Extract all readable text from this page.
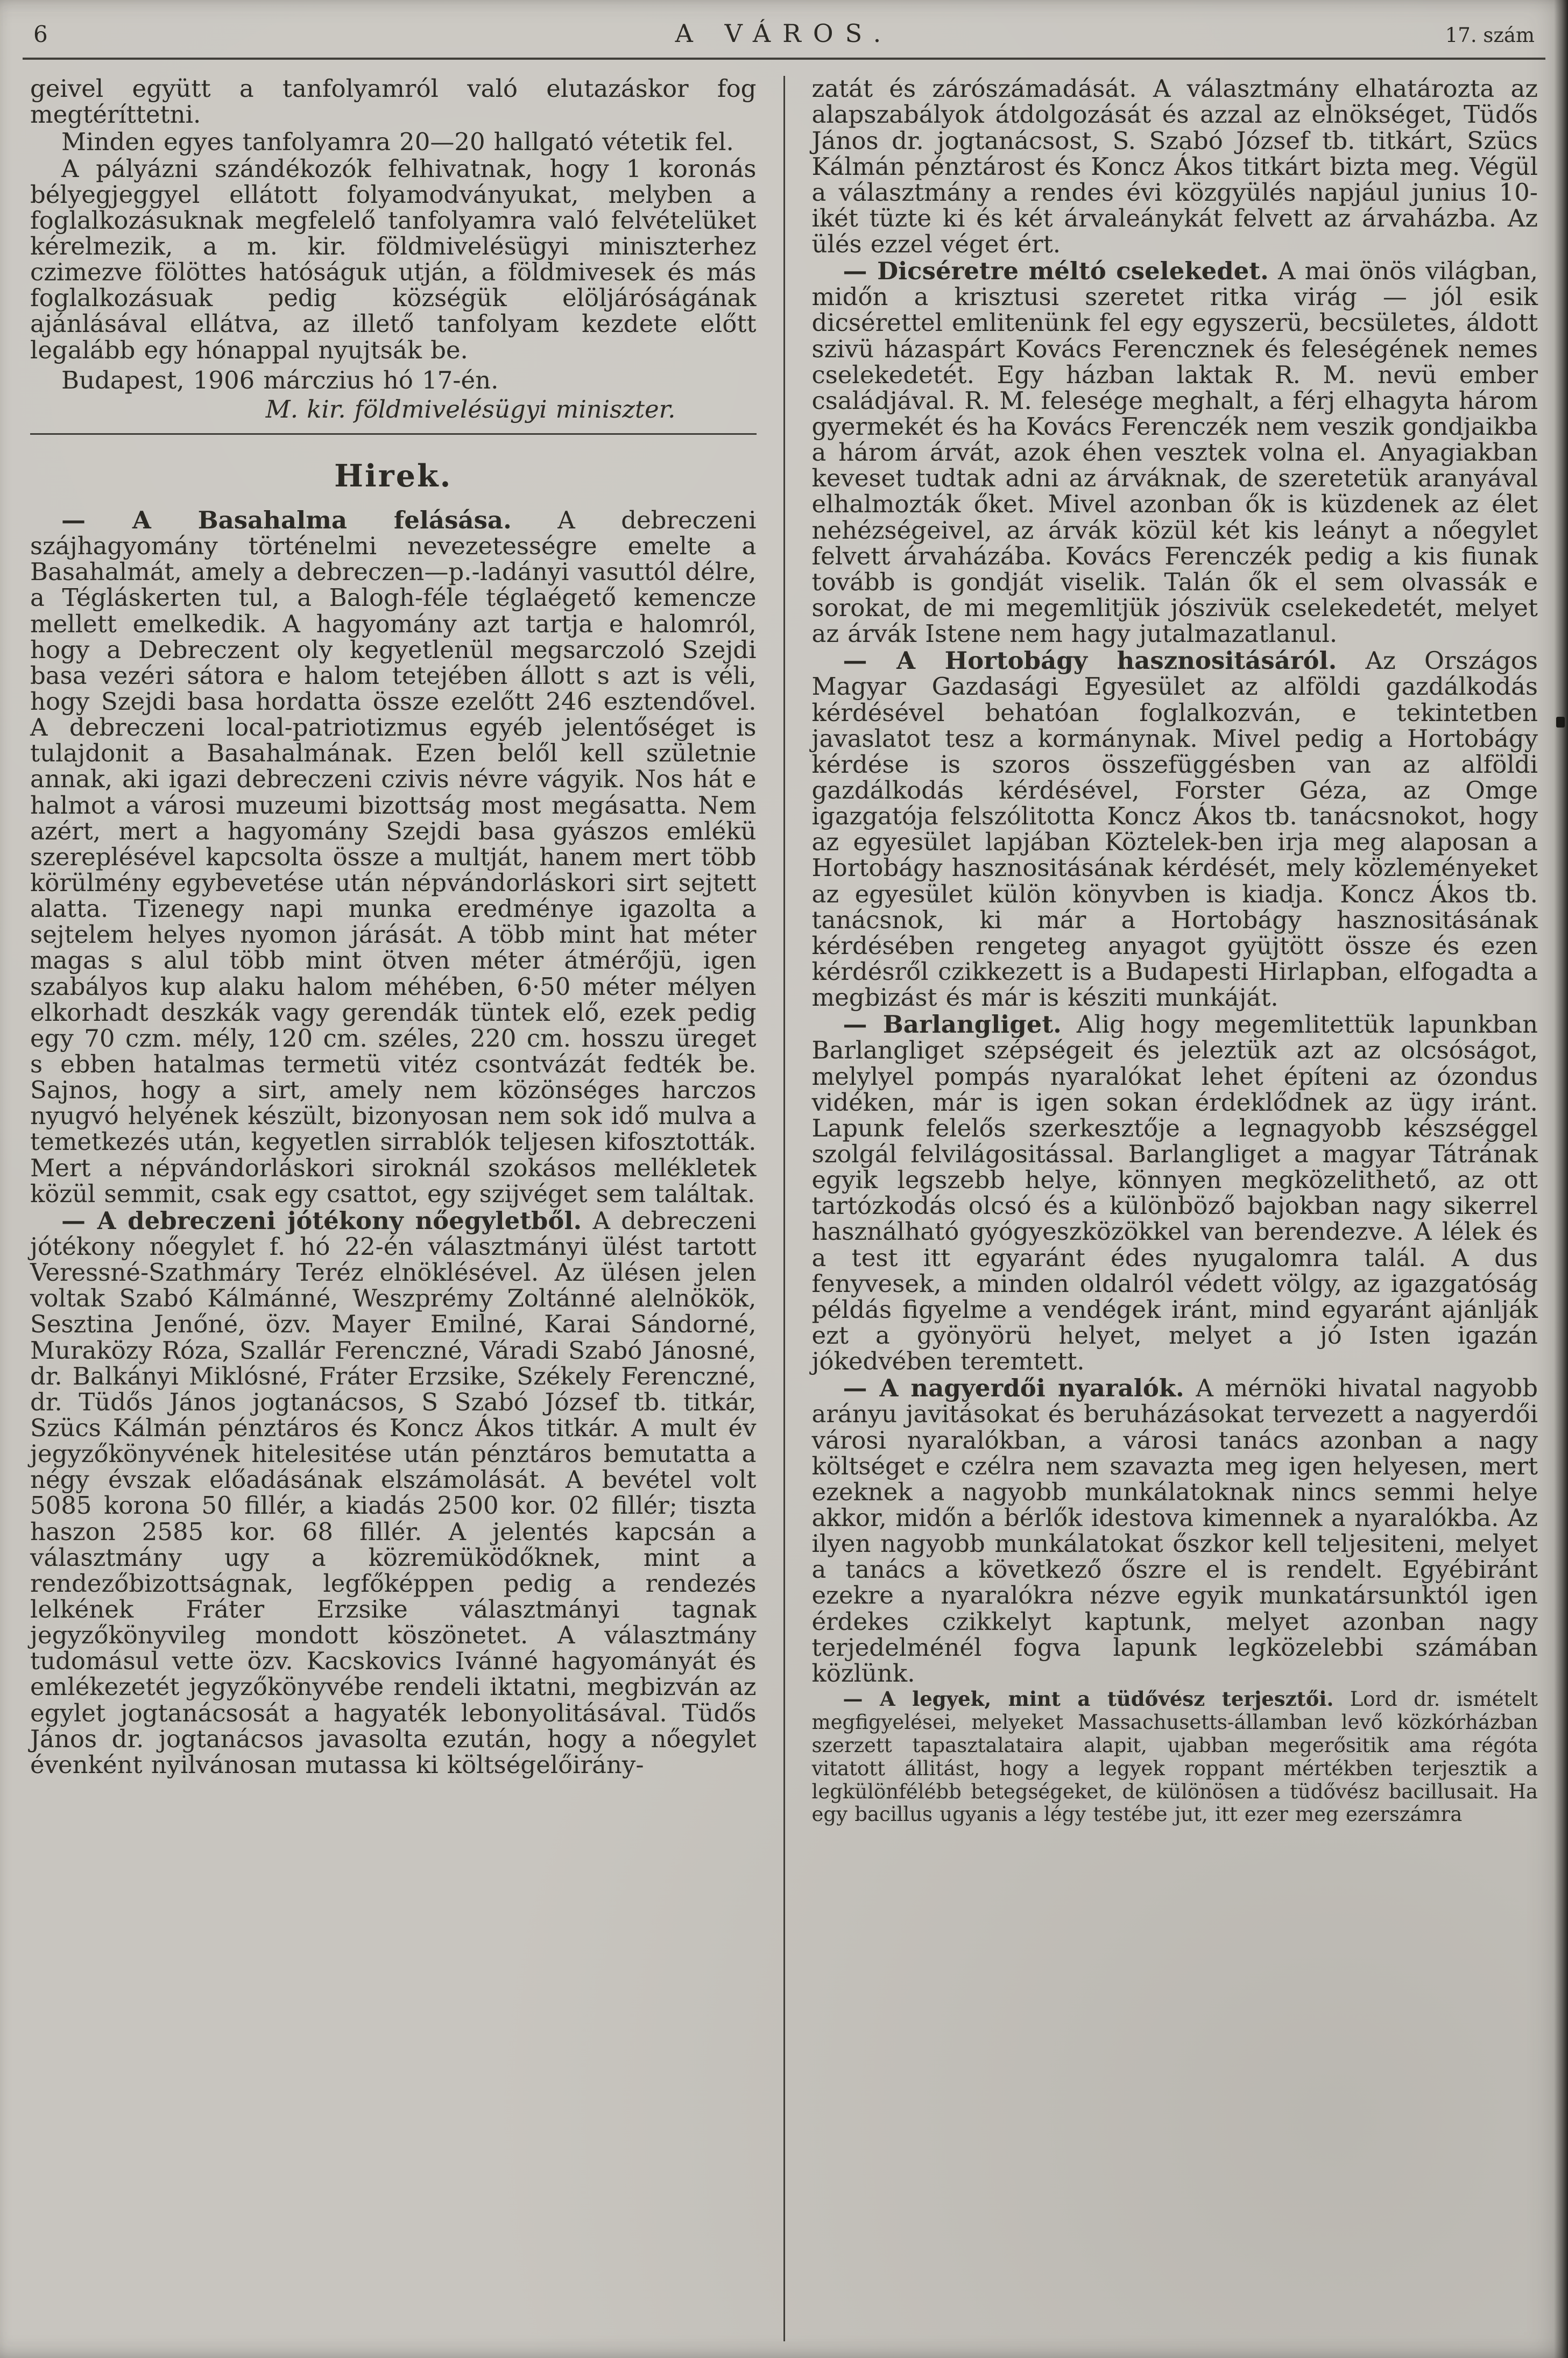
6	A VÁROS.	17. szám

geivel együtt a tanfolyamról való elutazáskor fog megtéríttetni.

Minden egyes tanfolyamra 20—20 hallgató vétetik fel.

A pályázni szándékozók felhivatnak, hogy 1 koronás bélyegjeggyel ellátott folyamodványukat, melyben a foglalkozásuknak megfelelő tanfolyamra való felvételüket kérelmezik, a m. kir. földmivelésügyi miniszterhez czimezve fölöttes hatóságuk utján, a földmivesek és más foglalkozásuak pedig községük elöljáróságának ajánlásával ellátva, az illető tanfolyam kezdete előtt legalább egy hónappal nyujtsák be.

Budapest, 1906 márczius hó 17-én.

M. kir. földmivelésügyi miniszter.

Hirek.

— A Basahalma felásása. A debreczeni szájhagyomány történelmi nevezetességre emelte a Basahalmát, amely a debreczen—p.-ladányi vasuttól délre, a Tégláskerten tul, a Balogh-féle téglaégető kemencze mellett emelkedik. A hagyomány azt tartja e halomról, hogy a Debreczent oly kegyetlenül megsarczoló Szejdi basa vezéri sátora e halom tetejében állott s azt is véli, hogy Szejdi basa hordatta össze ezelőtt 246 esztendővel. A debreczeni local-patriotizmus egyéb jelentőséget is tulajdonit a Basahalmának. Ezen belől kell születnie annak, aki igazi debreczeni czivis névre vágyik. Nos hát e halmot a városi muzeumi bizottság most megásatta. Nem azért, mert a hagyomány Szejdi basa gyászos emlékü szereplésével kapcsolta össze a multját, hanem mert több körülmény egybevetése után népvándorláskori sirt sejtett alatta. Tizenegy napi munka eredménye igazolta a sejtelem helyes nyomon járását. A több mint hat méter magas s alul több mint ötven méter átmérőjü, igen szabályos kup alaku halom méhében, 6·50 méter mélyen elkorhadt deszkák vagy gerendák tüntek elő, ezek pedig egy 70 czm. mély, 120 cm. széles, 220 cm. hosszu üreget s ebben hatalmas termetü vitéz csontvázát fedték be. Sajnos, hogy a sirt, amely nem közönséges harczos nyugvó helyének készült, bizonyosan nem sok idő mulva a temetkezés után, kegyetlen sirrablók teljesen kifosztották. Mert a népvándorláskori siroknál szokásos mellékletek közül semmit, csak egy csattot, egy szijvéget sem találtak.

— A debreczeni jótékony nőegyletből. A debreczeni jótékony nőegylet f. hó 22-én választmányi ülést tartott Veressné-Szathmáry Teréz elnöklésével. Az ülésen jelen voltak Szabó Kálmánné, Weszprémy Zoltánné alelnökök, Sesztina Jenőné, özv. Mayer Emilné, Karai Sándorné, Muraközy Róza, Szallár Ferenczné, Váradi Szabó Jánosné, dr. Balkányi Miklósné, Fráter Erzsike, Székely Ferenczné, dr. Tüdős János jogtanácsos, S Szabó József tb. titkár, Szücs Kálmán pénztáros és Koncz Ákos titkár. A mult év jegyzőkönyvének hitelesitése után pénztáros bemutatta a négy évszak előadásának elszámolását. A bevétel volt 5085 korona 50 fillér, a kiadás 2500 kor. 02 fillér; tiszta haszon 2585 kor. 68 fillér. A jelentés kapcsán a választmány ugy a közremüködőknek, mint a rendezőbizottságnak, legfőképpen pedig a rendezés lelkének Fráter Erzsike választmányi tagnak jegyzőkönyvileg mondott köszönetet. A választmány tudomásul vette özv. Kacskovics Ivánné hagyományát és emlékezetét jegyzőkönyvébe rendeli iktatni, megbizván az egylet jogtanácsosát a hagyaték lebonyolitásával. Tüdős János dr. jogtanácsos javasolta ezután, hogy a nőegylet évenként nyilvánosan mutassa ki költségelőirány-

zatát és zárószámadását. A választmány elhatározta az alapszabályok átdolgozását és azzal az elnökséget, Tüdős János dr. jogtanácsost, S. Szabó József tb. titkárt, Szücs Kálmán pénztárost és Koncz Ákos titkárt bizta meg. Végül a választmány a rendes évi közgyülés napjául junius 10-ikét tüzte ki és két árvaleánykát felvett az árvaházba. Az ülés ezzel véget ért.

— Dicséretre méltó cselekedet. A mai önös világban, midőn a krisztusi szeretet ritka virág — jól esik dicsérettel emlitenünk fel egy egyszerü, becsületes, áldott szivü házaspárt Kovács Ferencznek és feleségének nemes cselekedetét. Egy házban laktak R. M. nevü ember családjával. R. M. felesége meghalt, a férj elhagyta három gyermekét és ha Kovács Ferenczék nem veszik gondjaikba a három árvát, azok éhen vesztek volna el. Anyagiakban keveset tudtak adni az árváknak, de szeretetük aranyával elhalmozták őket. Mivel azonban ők is küzdenek az élet nehézségeivel, az árvák közül két kis leányt a nőegylet felvett árvaházába. Kovács Ferenczék pedig a kis fiunak tovább is gondját viselik. Talán ők el sem olvassák e sorokat, de mi megemlitjük jószivük cselekedetét, melyet az árvák Istene nem hagy jutalmazatlanul.

— A Hortobágy hasznositásáról. Az Országos Magyar Gazdasági Egyesület az alföldi gazdálkodás kérdésével behatóan foglalkozván, e tekintetben javaslatot tesz a kormánynak. Mivel pedig a Hortobágy kérdése is szoros összefüggésben van az alföldi gazdálkodás kérdésével, Forster Géza, az Omge igazgatója felszólitotta Koncz Ákos tb. tanácsnokot, hogy az egyesület lapjában Köztelek-ben irja meg alaposan a Hortobágy hasznositásának kérdését, mely közleményeket az egyesület külön könyvben is kiadja. Koncz Ákos tb. tanácsnok, ki már a Hortobágy hasznositásának kérdésében rengeteg anyagot gyüjtött össze és ezen kérdésről czikkezett is a Budapesti Hirlapban, elfogadta a megbizást és már is késziti munkáját.

— Barlangliget. Alig hogy megemlitettük lapunkban Barlangliget szépségeit és jeleztük azt az olcsóságot, melylyel pompás nyaralókat lehet építeni az ózondus vidéken, már is igen sokan érdeklődnek az ügy iránt. Lapunk felelős szerkesztője a legnagyobb készséggel szolgál felvilágositással. Barlangliget a magyar Tátrának egyik legszebb helye, könnyen megközelithető, az ott tartózkodás olcsó és a különböző bajokban nagy sikerrel használható gyógyeszközökkel van berendezve. A lélek és a test itt egyaránt édes nyugalomra talál. A dus fenyvesek, a minden oldalról védett völgy, az igazgatóság példás figyelme a vendégek iránt, mind egyaránt ajánlják ezt a gyönyörü helyet, melyet a jó Isten igazán jókedvében teremtett.

— A nagyerdői nyaralók. A mérnöki hivatal nagyobb arányu javitásokat és beruházásokat tervezett a nagyerdői városi nyaralókban, a városi tanács azonban a nagy költséget e czélra nem szavazta meg igen helyesen, mert ezeknek a nagyobb munkálatoknak nincs semmi helye akkor, midőn a bérlők idestova kimennek a nyaralókba. Az ilyen nagyobb munkálatokat őszkor kell teljesiteni, melyet a tanács a következő őszre el is rendelt. Egyébiránt ezekre a nyaralókra nézve egyik munkatársunktól igen érdekes czikkelyt kaptunk, melyet azonban nagy terjedelménél fogva lapunk legközelebbi számában közlünk.

— A legyek, mint a tüdővész terjesztői. Lord dr. ismételt megfigyelései, melyeket Massachusetts-államban levő közkórházban szerzett tapasztalataira alapit, ujabban megerősitik ama régóta vitatott állitást, hogy a legyek roppant mértékben terjesztik a legkülönfélébb betegségeket, de különösen a tüdővész bacillusait. Ha egy bacillus ugyanis a légy testébe jut, itt ezer meg ezerszámra
